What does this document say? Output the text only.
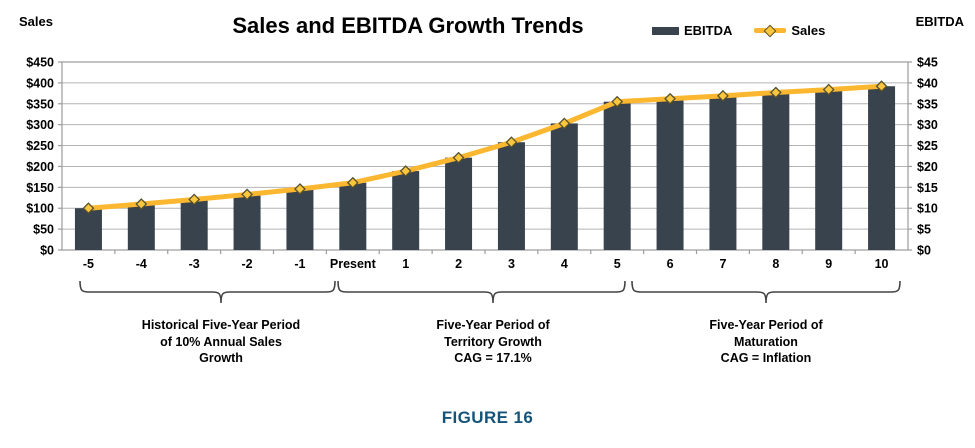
Sales	Sales and EBITDA Growth Trends	EBITDA	Sales
EBITDA
$0
$50
$100
$150
$200
$250
$300
$350
$400
$450
$0
$5
$10
$15
$20
$25
$30
$35
$40
$45
-5	-4	-3	-2	-1 Present 1	2	3	4	5	6	7	8	9	10
Historical Five-Year Period
of 10% Annual Sales
Growth
Five-Year Period of
Territory Growth
CAG = 17.1%
Five-Year Period of
Maturation
CAG = Inflation
FIGURE 16
